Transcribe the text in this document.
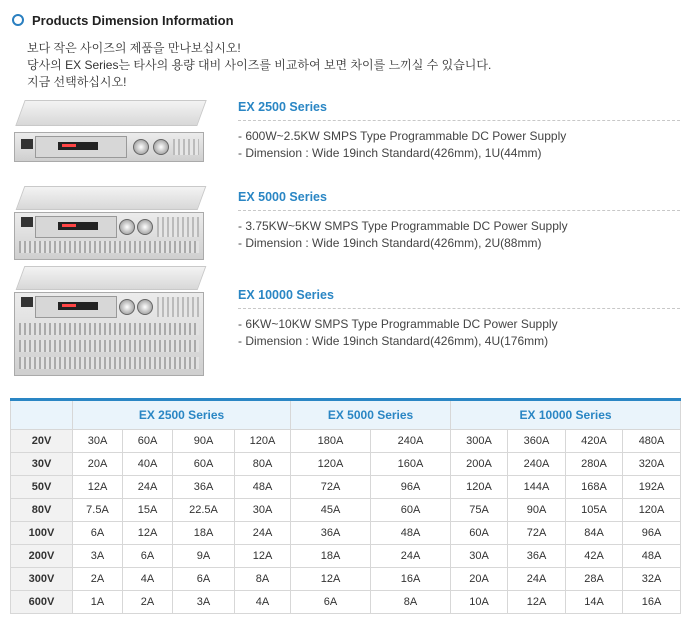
Products Dimension Information
보다 작은 사이즈의 제품을 만나보십시오!
당사의 EX Series는 타사의 용량 대비 사이즈를 비교하여 보면 차이를 느끼실 수 있습니다.
지금 선택하십시오!
EX 2500 Series
- 600W~2.5KW SMPS Type Programmable DC Power Supply
- Dimension : Wide 19inch Standard(426mm), 1U(44mm)
EX 5000 Series
- 3.75KW~5KW SMPS Type Programmable DC Power Supply
- Dimension : Wide 19inch Standard(426mm), 2U(88mm)
EX 10000 Series
- 6KW~10KW SMPS Type Programmable DC Power Supply
- Dimension : Wide 19inch Standard(426mm), 4U(176mm)
	EX 2500 Series				EX 5000 Series		EX 10000 Series			
20V	30A	60A	90A	120A	180A	240A	300A	360A	420A	480A
30V	20A	40A	60A	80A	120A	160A	200A	240A	280A	320A
50V	12A	24A	36A	48A	72A	96A	120A	144A	168A	192A
80V	7.5A	15A	22.5A	30A	45A	60A	75A	90A	105A	120A
100V	6A	12A	18A	24A	36A	48A	60A	72A	84A	96A
200V	3A	6A	9A	12A	18A	24A	30A	36A	42A	48A
300V	2A	4A	6A	8A	12A	16A	20A	24A	28A	32A
600V	1A	2A	3A	4A	6A	8A	10A	12A	14A	16A
